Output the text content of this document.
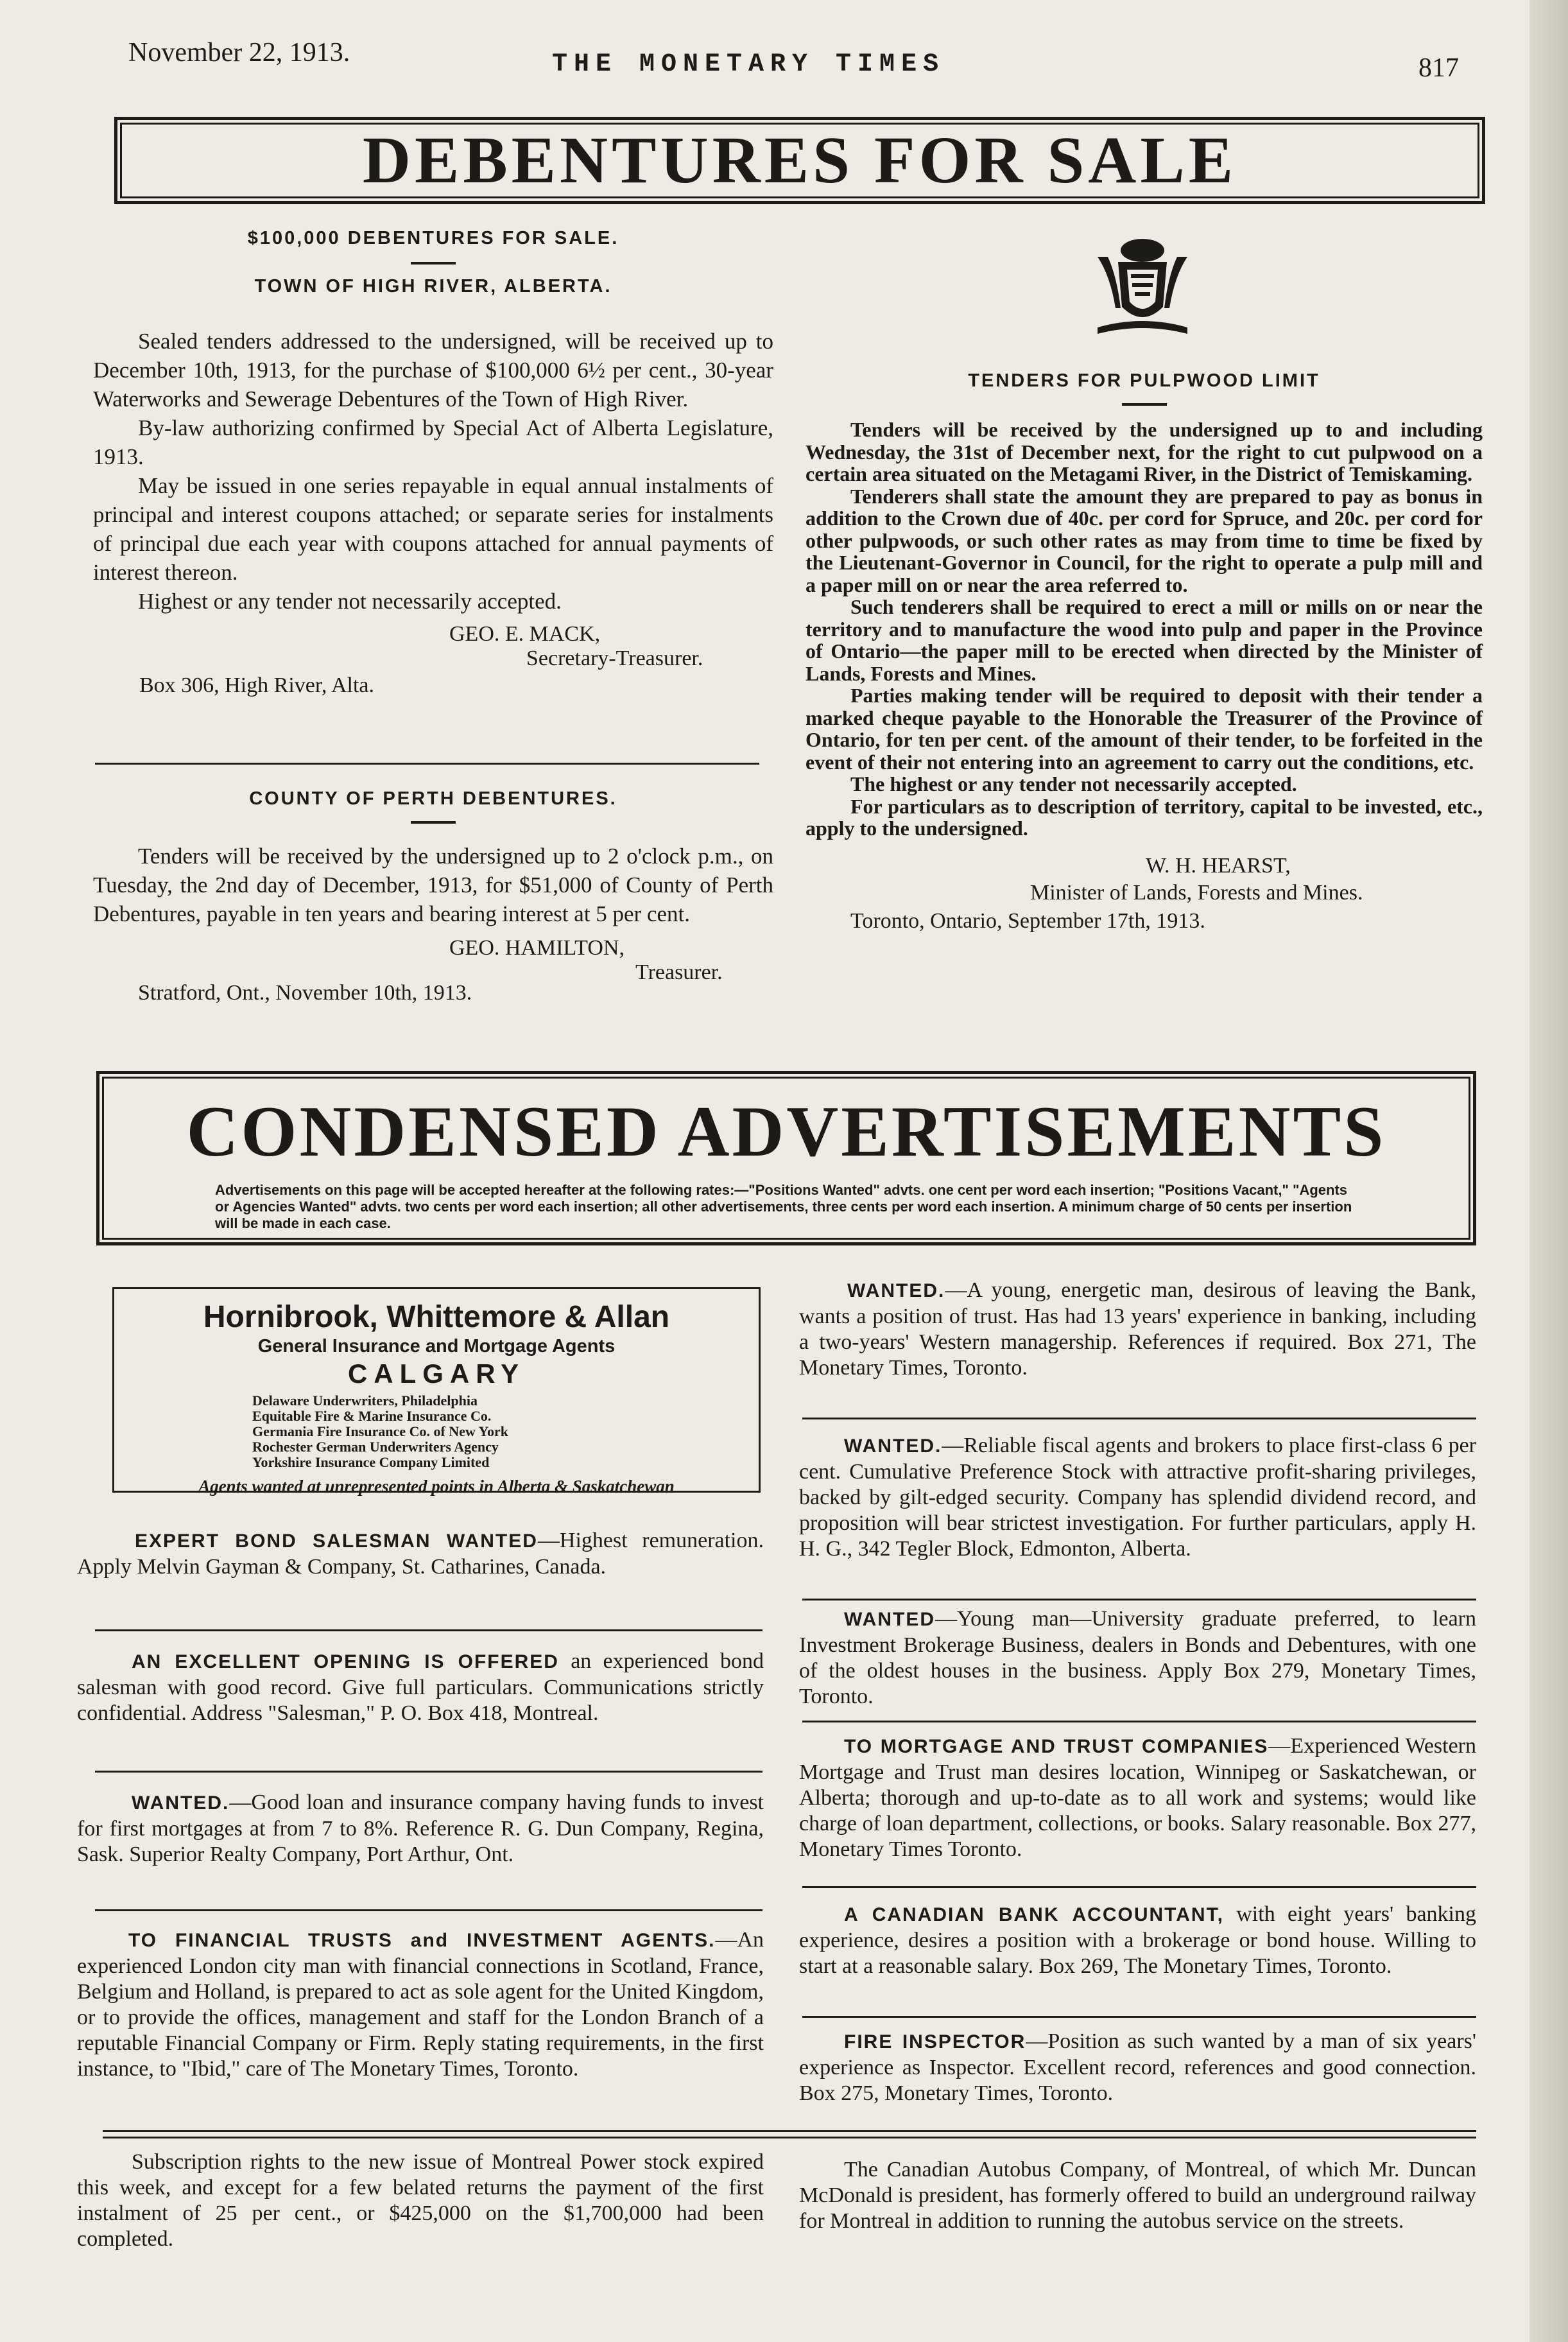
November 22, 1913.	THE MONETARY TIMES	817
DEBENTURES FOR SALE
$100,000 DEBENTURES FOR SALE.
TOWN OF HIGH RIVER, ALBERTA.

Sealed tenders addressed to the undersigned, will be received up to December 10th, 1913, for the purchase of $100,000 6½ per cent., 30-year Waterworks and Sewerage Debentures of the Town of High River.

By-law authorizing confirmed by Special Act of Alberta Legislature, 1913.

May be issued in one series repayable in equal annual instalments of principal and interest coupons attached; or separate series for instalments of principal due each year with coupons attached for annual payments of interest thereon.

Highest or any tender not necessarily accepted.

GEO. E. MACK,
Secretary-Treasurer.
Box 306, High River, Alta.
COUNTY OF PERTH DEBENTURES.

Tenders will be received by the undersigned up to 2 o'clock p.m., on Tuesday, the 2nd day of December, 1913, for $51,000 of County of Perth Debentures, payable in ten years and bearing interest at 5 per cent.

GEO. HAMILTON,
Treasurer.
Stratford, Ont., November 10th, 1913.
TENDERS FOR PULPWOOD LIMIT

Tenders will be received by the undersigned up to and including Wednesday, the 31st of December next, for the right to cut pulpwood on a certain area situated on the Metagami River, in the District of Temiskaming.

Tenderers shall state the amount they are prepared to pay as bonus in addition to the Crown due of 40c. per cord for Spruce, and 20c. per cord for other pulpwoods, or such other rates as may from time to time be fixed by the Lieutenant-Governor in Council, for the right to operate a pulp mill and a paper mill on or near the area referred to.

Such tenderers shall be required to erect a mill or mills on or near the territory and to manufacture the wood into pulp and paper in the Province of Ontario—the paper mill to be erected when directed by the Minister of Lands, Forests and Mines.

Parties making tender will be required to deposit with their tender a marked cheque payable to the Honorable the Treasurer of the Province of Ontario, for ten per cent. of the amount of their tender, to be forfeited in the event of their not entering into an agreement to carry out the conditions, etc.

The highest or any tender not necessarily accepted.

For particulars as to description of territory, capital to be invested, etc., apply to the undersigned.

W. H. HEARST,
Minister of Lands, Forests and Mines.
Toronto, Ontario, September 17th, 1913.
CONDENSED ADVERTISEMENTS
Advertisements on this page will be accepted hereafter at the following rates:—"Positions Wanted" advts. one cent per word each insertion; "Positions Vacant," "Agents or Agencies Wanted" advts. two cents per word each insertion; all other advertisements, three cents per word each insertion. A minimum charge of 50 cents per insertion will be made in each case.
Hornibrook, Whittemore & Allan
General Insurance and Mortgage Agents
CALGARY
Delaware Underwriters, Philadelphia
Equitable Fire & Marine Insurance Co.
Germania Fire Insurance Co. of New York
Rochester German Underwriters Agency
Yorkshire Insurance Company Limited
Agents wanted at unrepresented points in Alberta & Saskatchewan
EXPERT BOND SALESMAN WANTED—Highest remuneration. Apply Melvin Gayman & Company, St. Catharines, Canada.
AN EXCELLENT OPENING IS OFFERED an experienced bond salesman with good record. Give full particulars. Communications strictly confidential. Address "Salesman," P. O. Box 418, Montreal.
WANTED.—Good loan and insurance company having funds to invest for first mortgages at from 7 to 8%. Reference R. G. Dun Company, Regina, Sask. Superior Realty Company, Port Arthur, Ont.
TO FINANCIAL TRUSTS and INVESTMENT AGENTS.—An experienced London city man with financial connections in Scotland, France, Belgium and Holland, is prepared to act as sole agent for the United Kingdom, or to provide the offices, management and staff for the London Branch of a reputable Financial Company or Firm. Reply stating requirements, in the first instance, to "Ibid," care of The Monetary Times, Toronto.
WANTED.—A young, energetic man, desirous of leaving the Bank, wants a position of trust. Has had 13 years' experience in banking, including a two-years' Western managership. References if required. Box 271, The Monetary Times, Toronto.
WANTED.—Reliable fiscal agents and brokers to place first-class 6 per cent. Cumulative Preference Stock with attractive profit-sharing privileges, backed by gilt-edged security. Company has splendid dividend record, and proposition will bear strictest investigation. For further particulars, apply H. H. G., 342 Tegler Block, Edmonton, Alberta.
WANTED—Young man—University graduate preferred, to learn Investment Brokerage Business, dealers in Bonds and Debentures, with one of the oldest houses in the business. Apply Box 279, Monetary Times, Toronto.
TO MORTGAGE AND TRUST COMPANIES—Experienced Western Mortgage and Trust man desires location, Winnipeg or Saskatchewan, or Alberta; thorough and up-to-date as to all work and systems; would like charge of loan department, collections, or books. Salary reasonable. Box 277, Monetary Times Toronto.
A CANADIAN BANK ACCOUNTANT, with eight years' banking experience, desires a position with a brokerage or bond house. Willing to start at a reasonable salary. Box 269, The Monetary Times, Toronto.
FIRE INSPECTOR—Position as such wanted by a man of six years' experience as Inspector. Excellent record, references and good connection. Box 275, Monetary Times, Toronto.

Subscription rights to the new issue of Montreal Power stock expired this week, and except for a few belated returns the payment of the first instalment of 25 per cent., or $425,000 on the $1,700,000 had been completed.

The Canadian Autobus Company, of Montreal, of which Mr. Duncan McDonald is president, has formerly offered to build an underground railway for Montreal in addition to running the autobus service on the streets.
